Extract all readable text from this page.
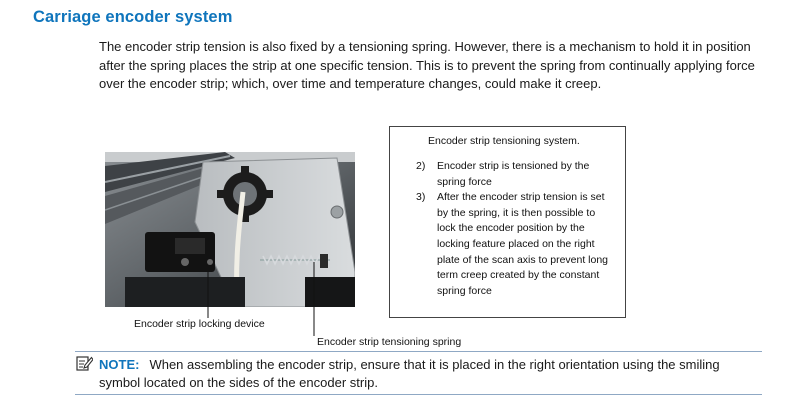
Carriage encoder system
The encoder strip tension is also fixed by a tensioning spring. However, there is a mechanism to hold it in position after the spring places the strip at one specific tension. This is to prevent the spring from continually applying force over the encoder strip; which, over time and temperature changes, could make it creep.
Encoder strip locking device
Encoder strip tensioning spring
Encoder strip tensioning system.
2) Encoder strip is tensioned by the spring force
3) After the encoder strip tension is set by the spring, it is then possible to lock the encoder position by the locking feature placed on the right plate of the scan axis to prevent long term creep created by the constant spring force
NOTE: When assembling the encoder strip, ensure that it is placed in the right orientation using the smiling symbol located on the sides of the encoder strip.
